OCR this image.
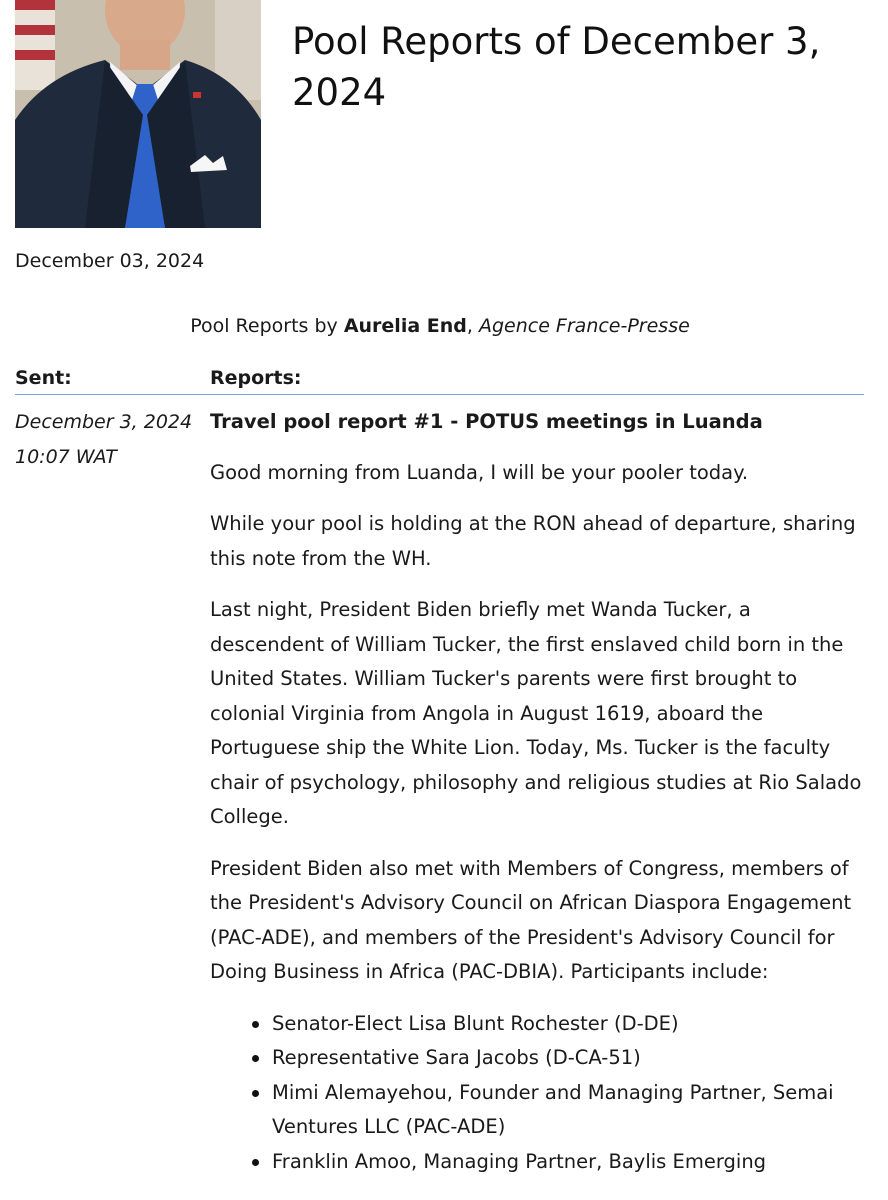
Pool Reports of December 3, 2024
December 03, 2024
Pool Reports by Aurelia End, Agence France-Presse
Sent:	Reports:
December 3, 2024
10:07 WAT
Travel pool report #1 - POTUS meetings in Luanda

Good morning from Luanda, I will be your pooler today.

While your pool is holding at the RON ahead of departure, sharing this note from the WH.

Last night, President Biden briefly met Wanda Tucker, a descendent of William Tucker, the first enslaved child born in the United States. William Tucker's parents were first brought to colonial Virginia from Angola in August 1619, aboard the Portuguese ship the White Lion. Today, Ms. Tucker is the faculty chair of psychology, philosophy and religious studies at Rio Salado College.

President Biden also met with Members of Congress, members of the President's Advisory Council on African Diaspora Engagement (PAC-ADE), and members of the President's Advisory Council for Doing Business in Africa (PAC-DBIA). Participants include:

Senator-Elect Lisa Blunt Rochester (D-DE)
Representative Sara Jacobs (D-CA-51)
Mimi Alemayehou, Founder and Managing Partner, Semai Ventures LLC (PAC-ADE)
Franklin Amoo, Managing Partner, Baylis Emerging
